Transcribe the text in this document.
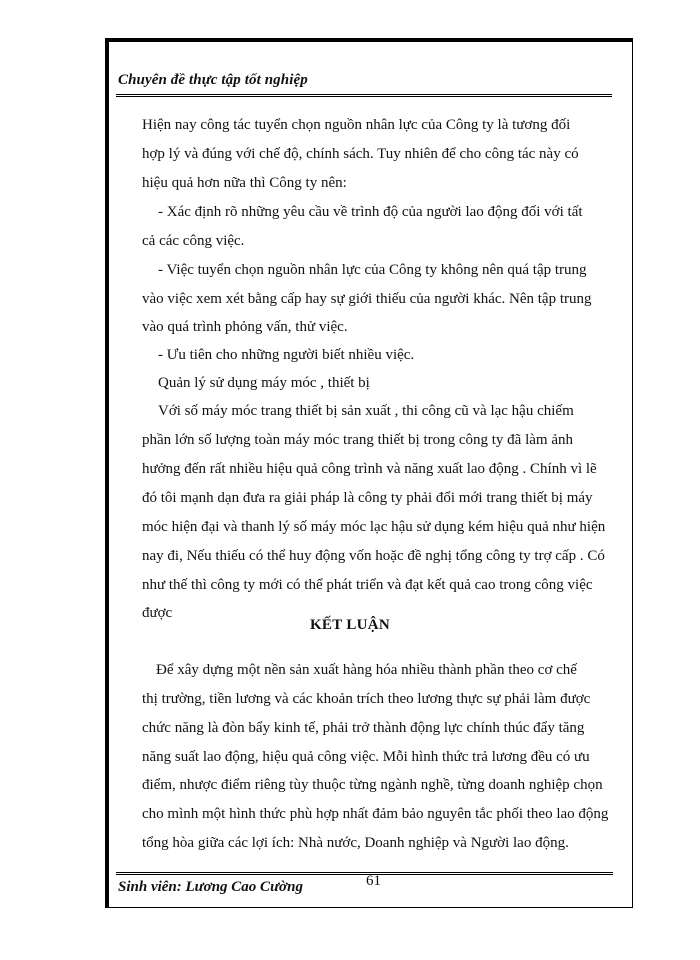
Chuyên đề thực tập tốt nghiệp
Hiện nay công tác tuyển chọn nguồn nhân lực của Công ty là tương đối
hợp lý và đúng với chế độ, chính sách. Tuy nhiên để cho công tác này có
hiệu quả hơn nữa thì Công ty nên:
- Xác định rõ những yêu cầu về trình độ của người lao động đối với tất
cả các công việc.
- Việc tuyển chọn nguồn nhân lực của Công ty không nên quá tập trung
vào việc xem xét bằng cấp hay sự giới thiếu của người khác. Nên tập trung
vào quá trình phỏng vấn, thử việc.
- Ưu tiên cho những người biết nhiều việc.
Quản lý sử dụng máy móc , thiết bị
Với số máy móc trang thiết bị sản xuất , thi công cũ và lạc hậu chiếm
phần lớn số lượng toàn máy móc trang thiết bị trong công ty đã làm ảnh
hưởng đến rất nhiều hiệu quả công trình và năng xuất lao động . Chính vì lẽ
đó tôi mạnh dạn đưa ra giải pháp là công ty phải đổi mới trang thiết bị máy
móc hiện đại và thanh lý số máy móc lạc hậu sử dụng kém hiệu quả như hiện
nay đi, Nếu thiếu có thể huy động vốn hoặc đề nghị tổng công ty trợ cấp . Có
như thế thì công ty mới có thể phát triển và đạt kết quả cao trong công việc
được
KẾT LUẬN
Để xây dựng một nền sản xuất hàng hóa nhiều thành phần theo cơ chế
thị trường, tiền lương và các khoản trích theo lương thực sự phải làm được
chức năng là đòn bẩy kinh tế, phải trở thành động lực chính thúc đẩy tăng
năng suất lao động, hiệu quả công việc. Mỗi hình thức trả lương đều có ưu
điểm, nhược điểm riêng tùy thuộc từng ngành nghề, từng doanh nghiệp chọn
cho mình một hình thức phù hợp nhất đảm bảo nguyên tắc phối theo lao động
tổng hòa giữa các lợi ích: Nhà nước, Doanh nghiệp và Người lao động.
Sinh viên: Lương Cao Cường	61
